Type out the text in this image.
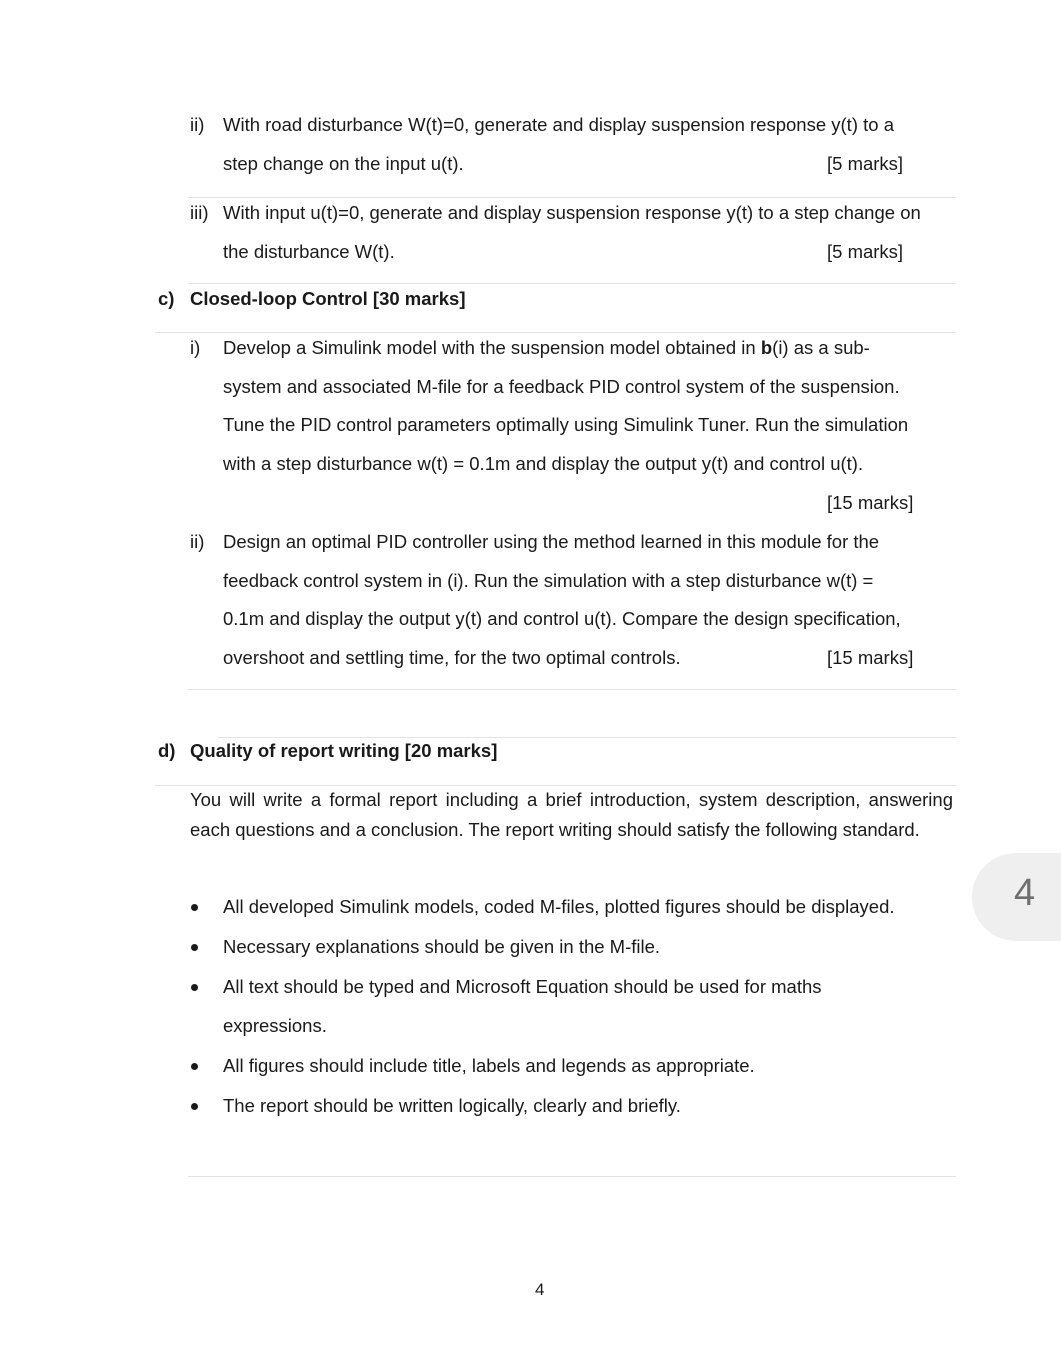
ii) With road disturbance W(t)=0, generate and display suspension response y(t) to a
step change on the input u(t).	[5 marks]
iii) With input u(t)=0, generate and display suspension response y(t) to a step change on
the disturbance W(t).	[5 marks]
c) Closed-loop Control [30 marks]
i) Develop a Simulink model with the suspension model obtained in b(i) as a sub-
system and associated M-file for a feedback PID control system of the suspension.
Tune the PID control parameters optimally using Simulink Tuner. Run the simulation
with a step disturbance w(t) = 0.1m and display the output y(t) and control u(t).
[15 marks]
ii) Design an optimal PID controller using the method learned in this module for the
feedback control system in (i). Run the simulation with a step disturbance w(t) =
0.1m and display the output y(t) and control u(t). Compare the design specification,
overshoot and settling time, for the two optimal controls.	[15 marks]
d) Quality of report writing [20 marks]
You will write a formal report including a brief introduction, system description, answering each questions and a conclusion. The report writing should satisfy the following standard.
All developed Simulink models, coded M-files, plotted figures should be displayed.
Necessary explanations should be given in the M-file.
All text should be typed and Microsoft Equation should be used for maths
expressions.
All figures should include title, labels and legends as appropriate.
The report should be written logically, clearly and briefly.
4
4
